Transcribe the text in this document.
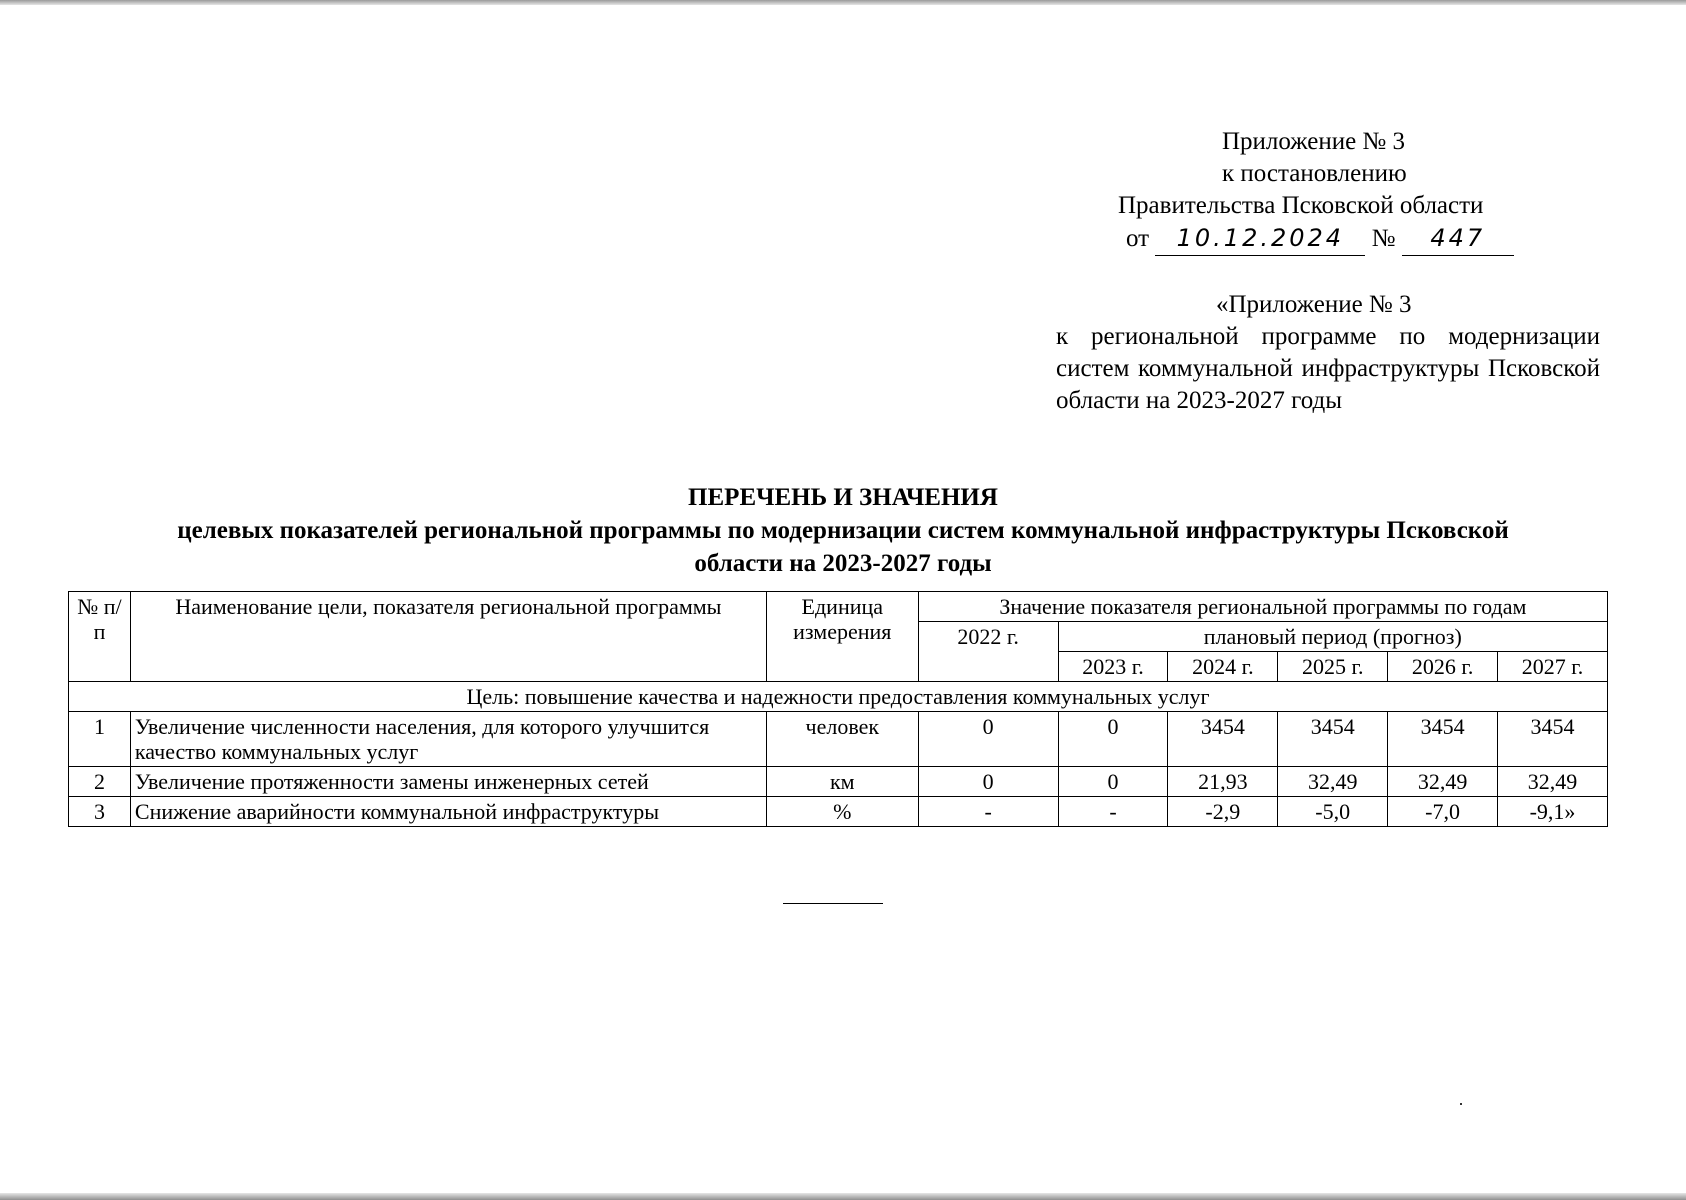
Приложение № 3
к постановлению
Правительства Псковской области
от 10.12.2024 № 447
«Приложение № 3
к региональной программе по модернизации систем коммунальной инфраструктуры Псковской области на 2023-2027 годы
ПЕРЕЧЕНЬ И ЗНАЧЕНИЯ
целевых показателей региональной программы по модернизации систем коммунальной инфраструктуры Псковской
области на 2023-2027 годы
№ п/п	Наименование цели, показателя региональной программы	Единица измерения	Значение показателя региональной программы по годам					
			2022 г.	плановый период (прогноз)				
				2023 г.	2024 г.	2025 г.	2026 г.	2027 г.
Цель: повышение качества и надежности предоставления коммунальных услуг								
1	Увеличение численности населения, для которого улучшится качество коммунальных услуг	человек	0	0	3454	3454	3454	3454
2	Увеличение протяженности замены инженерных сетей	км	0	0	21,93	32,49	32,49	32,49
3	Снижение аварийности коммунальной инфраструктуры	%	-	-	-2,9	-5,0	-7,0	-9,1»
